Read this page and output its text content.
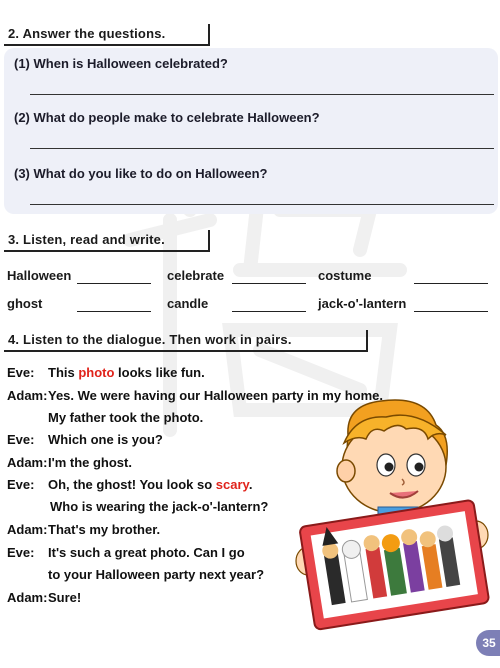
2. Answer the questions.
(1) When is Halloween celebrated?
(2) What do people make to celebrate Halloween?
(3) What do you like to do on Halloween?
3. Listen, read and write.
Halloween	celebrate	costume
ghost	candle	jack-o'-lantern
4. Listen to the dialogue. Then work in pairs.
Eve: This photo looks like fun.
Adam: Yes. We were having our Halloween party in my home.
My father took the photo.
Eve: Which one is you?
Adam: I'm the ghost.
Eve: Oh, the ghost! You look so scary.
Who is wearing the jack-o'-lantern?
Adam: That's my brother.
Eve: It's such a great photo. Can I go
to your Halloween party next year?
Adam: Sure!
35
